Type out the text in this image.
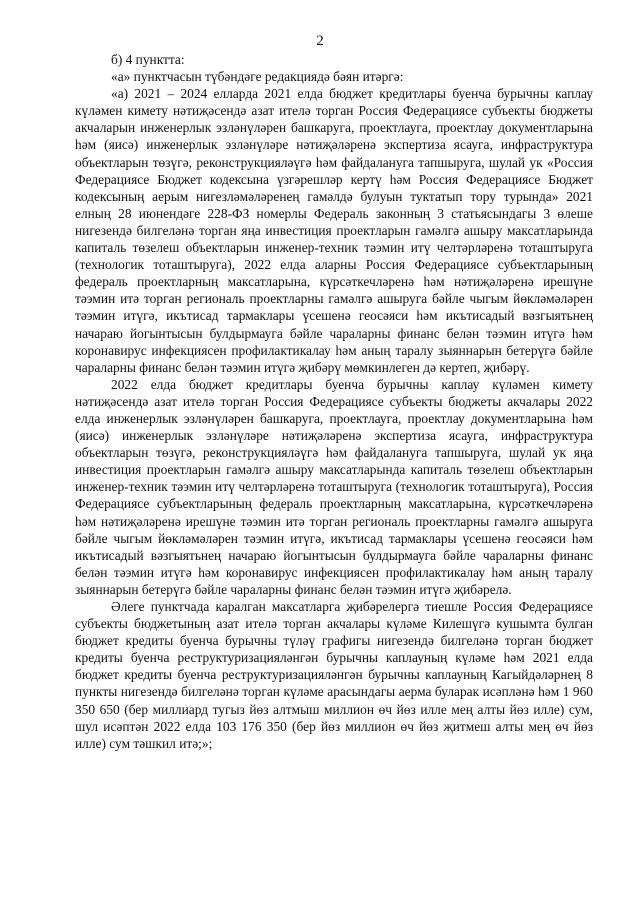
2

б) 4 пунктта:

«а» пунктчасын түбәндәге редакциядә бәян итәргә:

«а) 2021 – 2024 елларда 2021 елда бюджет кредитлары буенча бурычны каплау күләмен кимету нәтиҗәсендә азат ителә торган Россия Федерациясе субъекты бюджеты акчаларын инженерлык эзләнүләрен башкаруга, проектлауга, проектлау документларына һәм (яисә) инженерлык эзләнүләре нәтиҗәләренә экспертиза ясауга, инфраструктура объектларын төзүгә, реконструкцияләүгә һәм файдалануга тапшыруга, шулай ук «Россия Федерациясе Бюджет кодексына үзгәрешләр кертү һәм Россия Федерациясе Бюджет кодексының аерым нигезләмәләренең гамәлдә булуын туктатып тору турында» 2021 елның 28 июнендәге 228-ФЗ номерлы Федераль законның 3 статьясындагы 3 өлеше нигезендә билгеләнә торган яңа инвестиция проектларын гамәлгә ашыру максатларында капиталь төзелеш объектларын инженер-техник тәэмин итү челтәрләренә тоташтыруга (технологик тоташтыруга), 2022 елда аларны Россия Федерациясе субъектларының федераль проектларның максатларына, күрсәткечләренә һәм нәтиҗәләренә ирешүне тәэмин итә торган региональ проектларны гамәлгә ашыруга бәйле чыгым йөкләмәләрен тәэмин итүгә, икътисад тармаклары үсешенә геосәяси һәм икътисадый вәзгыятьнең начараю йогынтысын булдырмауга бәйле чараларны финанс белән тәэмин итүгә һәм коронавирус инфекциясен профилактикалау һәм аның таралу зыяннарын бетерүгә бәйле чараларны финанс белән тәэмин итүгә җибәрү мөмкинлеген дә кертеп, җибәрү.

2022 елда бюджет кредитлары буенча бурычны каплау күләмен кимету нәтиҗәсендә азат ителә торган Россия Федерациясе субъекты бюджеты акчалары 2022 елда инженерлык эзләнүләрен башкаруга, проектлауга, проектлау документларына һәм (яисә) инженерлык эзләнүләре нәтиҗәләренә экспертиза ясауга, инфраструктура объектларын төзүгә, реконструкцияләүгә һәм файдалануга тапшыруга, шулай ук яңа инвестиция проектларын гамәлгә ашыру максатларында капиталь төзелеш объектларын инженер-техник тәэмин итү челтәрләренә тоташтыруга (технологик тоташтыруга), Россия Федерациясе субъектларының федераль проектларның максатларына, күрсәткечләренә һәм нәтиҗәләренә ирешүне тәэмин итә торган региональ проектларны гамәлгә ашыруга бәйле чыгым йөкләмәләрен тәэмин итүгә, икътисад тармаклары үсешенә геосәяси һәм икътисадый вәзгыятьнең начараю йогынтысын булдырмауга бәйле чараларны финанс белән тәэмин итүгә һәм коронавирус инфекциясен профилактикалау һәм аның таралу зыяннарын бетерүгә бәйле чараларны финанс белән тәэмин итүгә җибәрелә.

Әлеге пунктчада каралган максатларга җибәрелергә тиешле Россия Федерациясе субъекты бюджетының азат ителә торган акчалары күләме Килешүгә кушымта булган бюджет кредиты буенча бурычны түләү графигы нигезендә билгеләнә торган бюджет кредиты буенча реструктуризацияләнгән бурычны каплауның күләме һәм 2021 елда бюджет кредиты буенча реструктуризацияләнгән бурычны каплауның Кагыйдәләрнең 8 пункты нигезендә билгеләнә торган күләме арасындагы аерма буларак исәпләнә һәм 1 960 350 650 (бер миллиард тугыз йөз алтмыш миллион өч йөз илле мең алты йөз илле) сум, шул исәптән 2022 елда 103 176 350 (бер йөз миллион өч йөз җитмеш алты мең өч йөз илле) сум тәшкил итә;»;
